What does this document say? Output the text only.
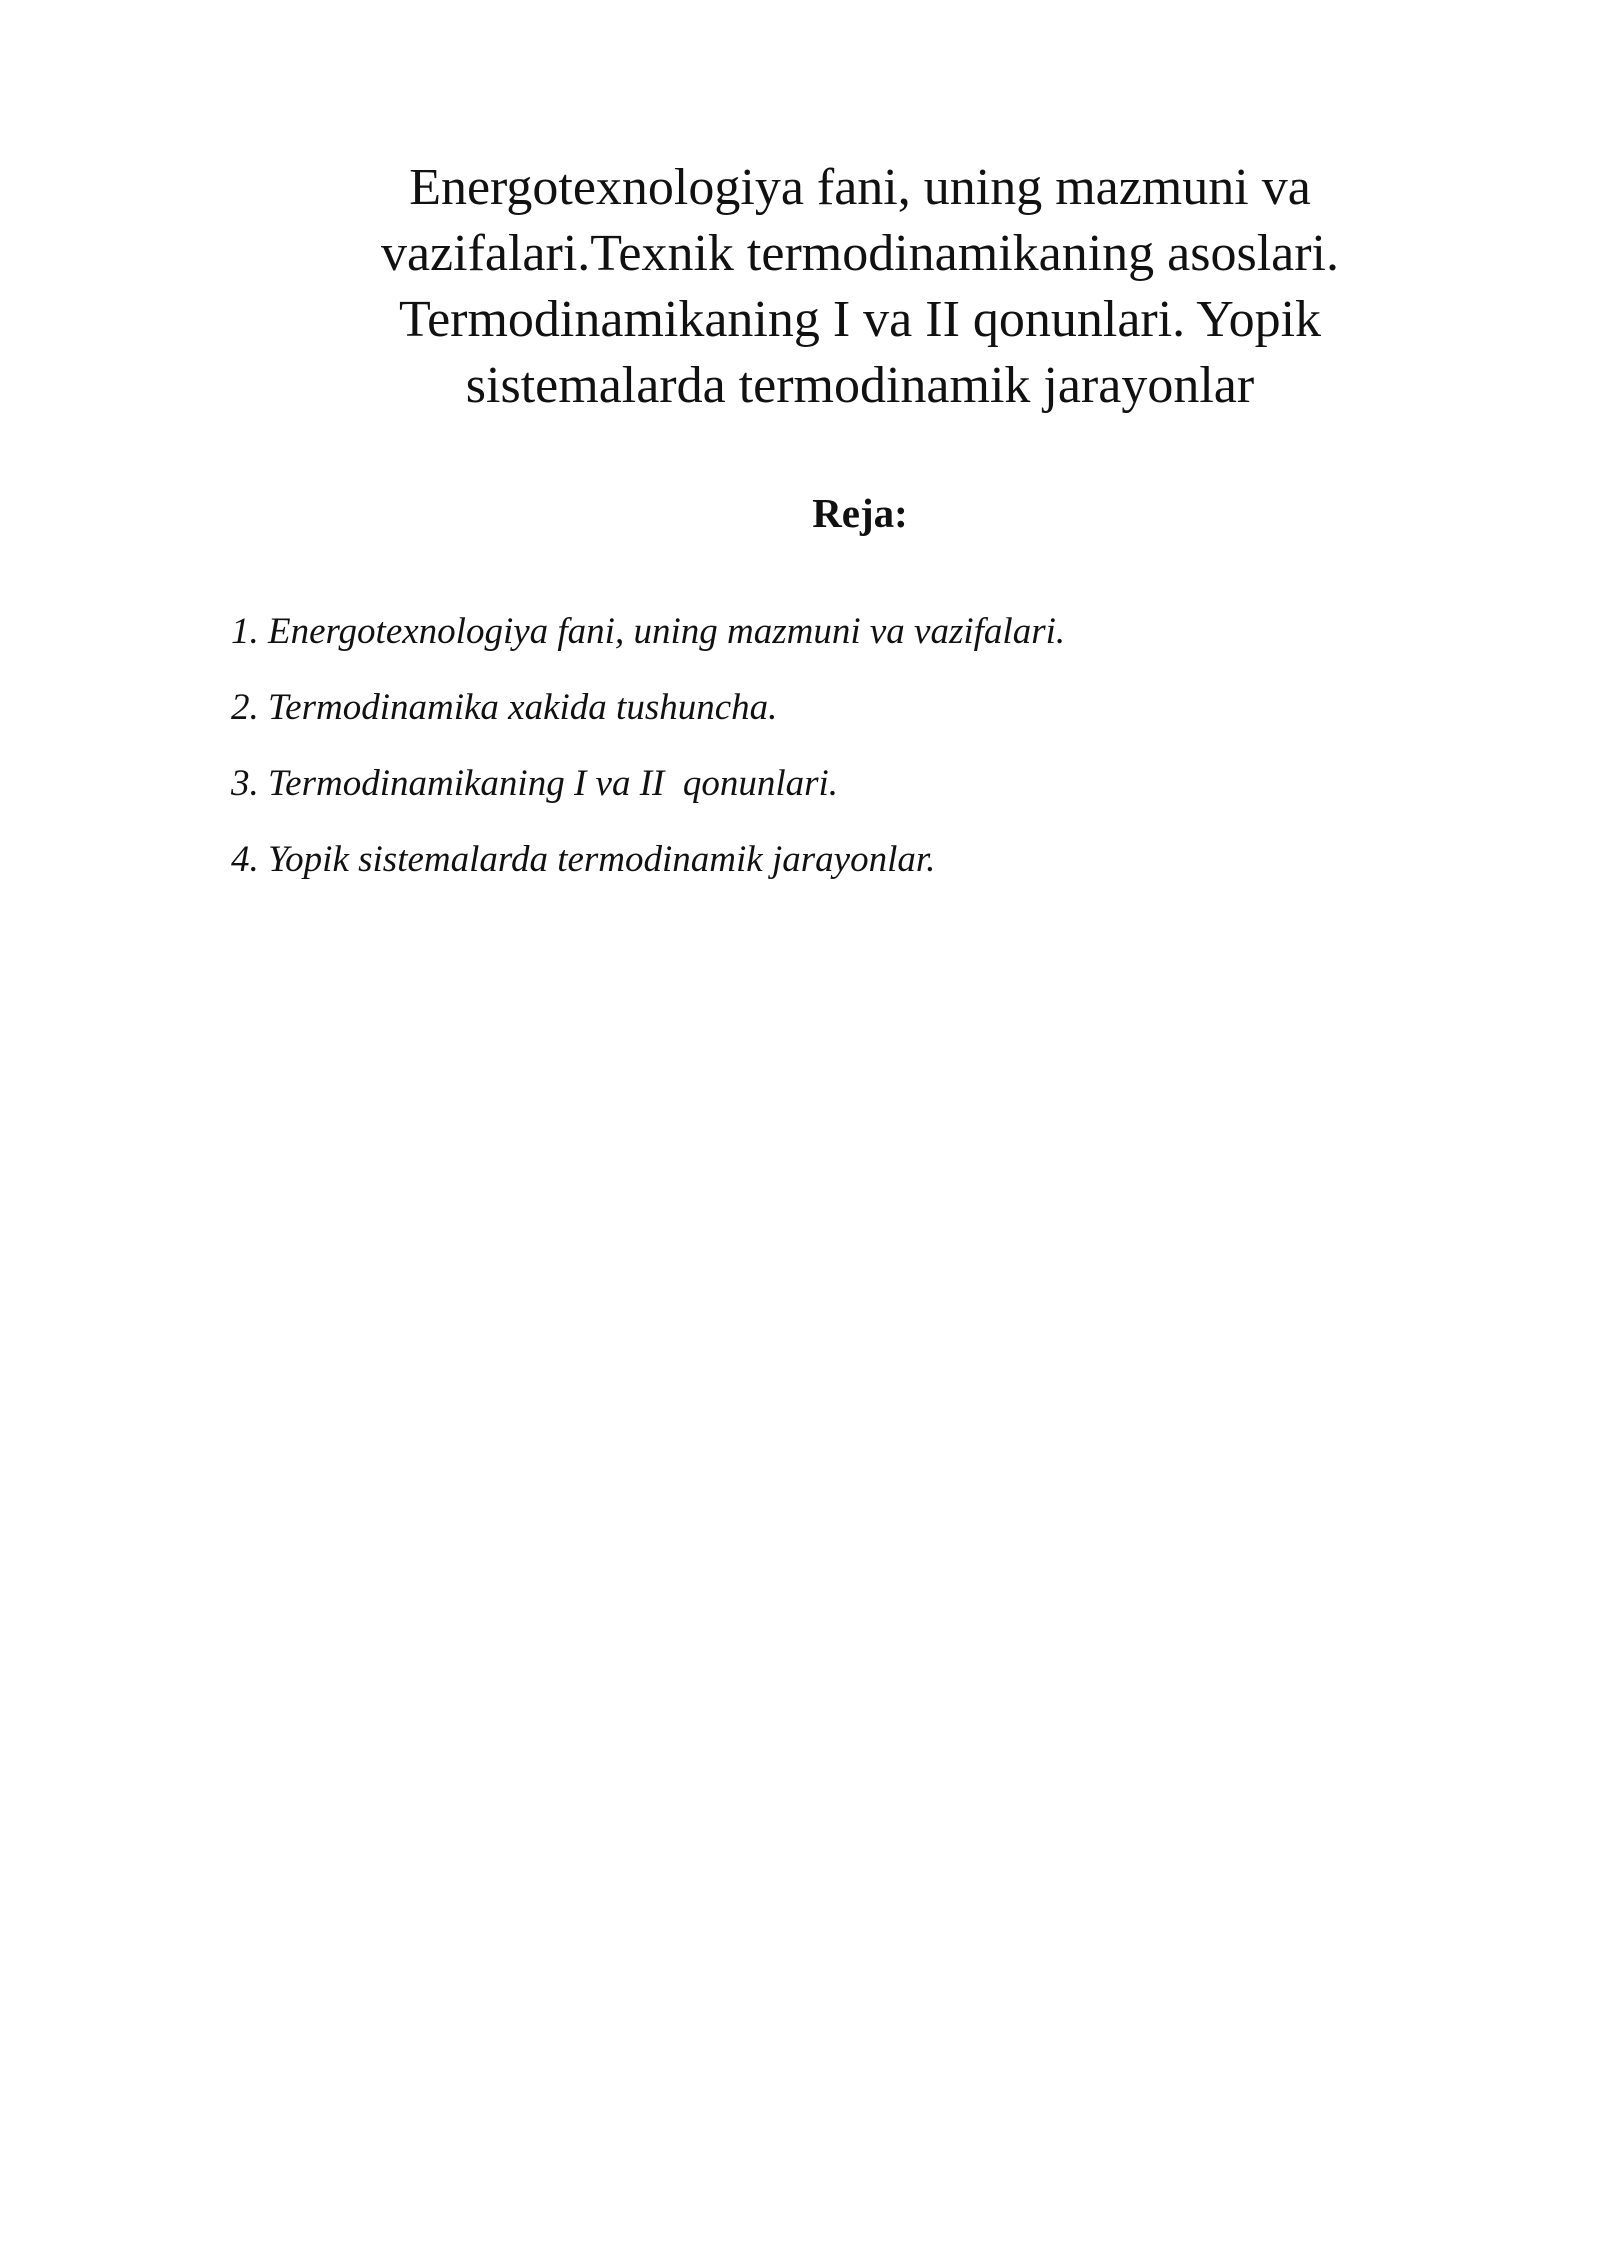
Energotexnologiya fani, uning mazmuni va
vazifalari.Texnik termodinamikaning asoslari.
Termodinamikaning I va II qonunlari. Yopik
sistemalarda termodinamik jarayonlar
Reja:
1. Energotexnologiya fani, uning mazmuni va vazifalari.
2. Termodinamika xakida tushuncha.
3. Termodinamikaning I va II  qonunlari.
4. Yopik sistemalarda termodinamik jarayonlar.
